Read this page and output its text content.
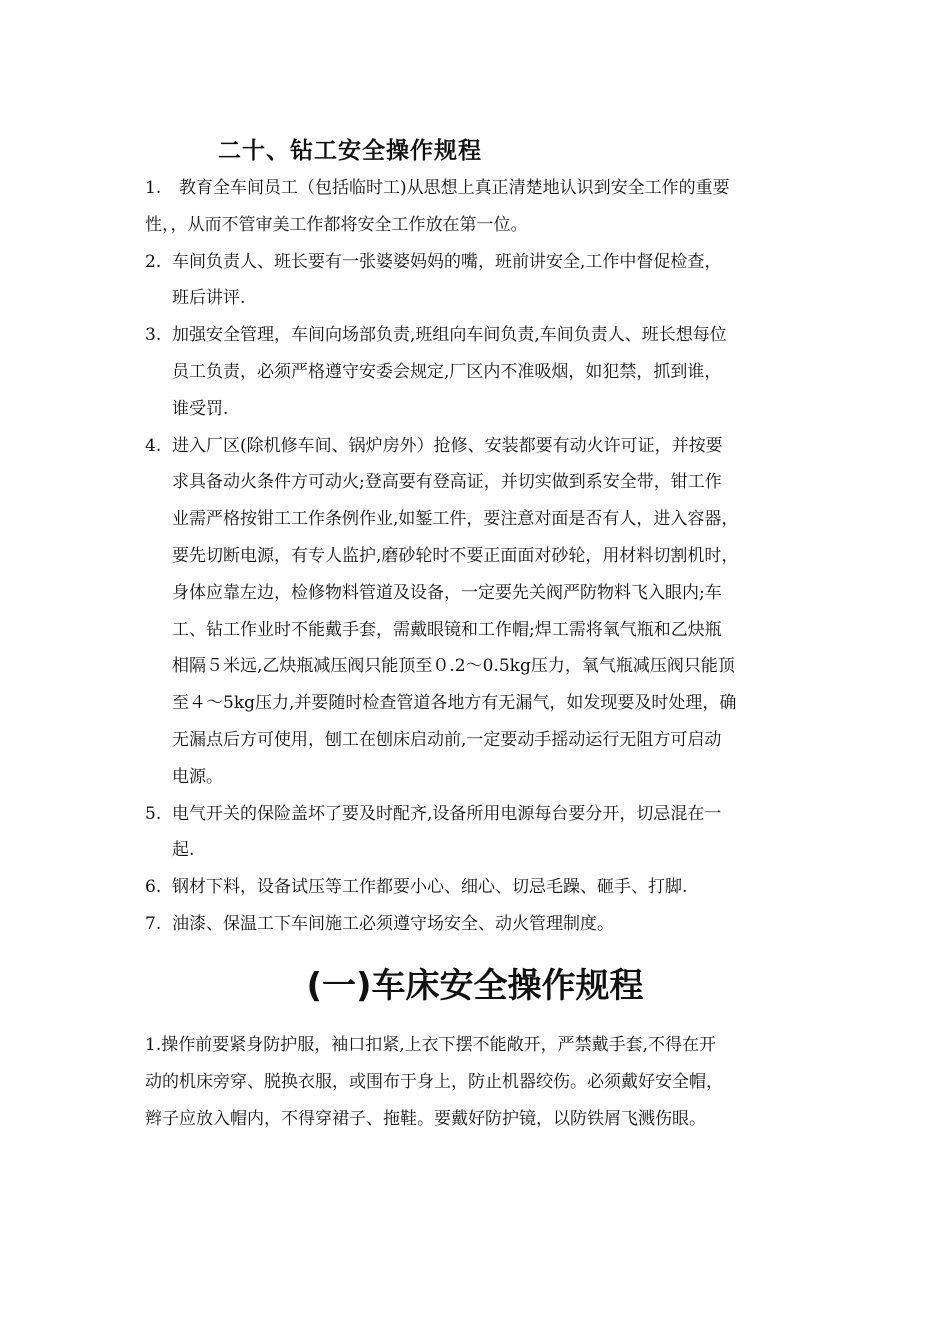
二十、钻工安全操作规程
1. 教育全车间员工（包括临时工)从思想上真正清楚地认识到安全工作的重要
性，，从而不管审美工作都将安全工作放在第一位。
2. 车间负责人、班长要有一张婆婆妈妈的嘴，班前讲安全,工作中督促检查，
班后讲评.
3. 加强安全管理，车间向场部负责,班组向车间负责,车间负责人、班长想每位
员工负责，必须严格遵守安委会规定,厂区内不准吸烟，如犯禁，抓到谁，
谁受罚.
4. 进入厂区(除机修车间、锅炉房外）抢修、安装都要有动火许可证，并按要
求具备动火条件方可动火;登高要有登高证，并切实做到系安全带，钳工作
业需严格按钳工工作条例作业,如錾工件，要注意对面是否有人，进入容器，
要先切断电源，有专人监护,磨砂轮时不要正面面对砂轮，用材料切割机时，
身体应靠左边，检修物料管道及设备，一定要先关阀严防物料飞入眼内;车
工、钻工作业时不能戴手套，需戴眼镜和工作帽;焊工需将氧气瓶和乙炔瓶
相隔５米远,乙炔瓶减压阀只能顶至０.2～0.5kg压力，氧气瓶减压阀只能顶
至４～5kg压力,并要随时检查管道各地方有无漏气，如发现要及时处理，确
无漏点后方可使用，刨工在刨床启动前,一定要动手摇动运行无阻方可启动
电源。
5. 电气开关的保险盖坏了要及时配齐,设备所用电源每台要分开，切忌混在一
起.
6. 钢材下料，设备试压等工作都要小心、细心、切忌毛躁、砸手、打脚.
7. 油漆、保温工下车间施工必须遵守场安全、动火管理制度。
(一)车床安全操作规程
1.操作前要紧身防护服，袖口扣紧,上衣下摆不能敞开，严禁戴手套,不得在开
动的机床旁穿、脱换衣服，或围布于身上，防止机器绞伤。必须戴好安全帽，
辫子应放入帽内，不得穿裙子、拖鞋。要戴好防护镜，以防铁屑飞溅伤眼。
